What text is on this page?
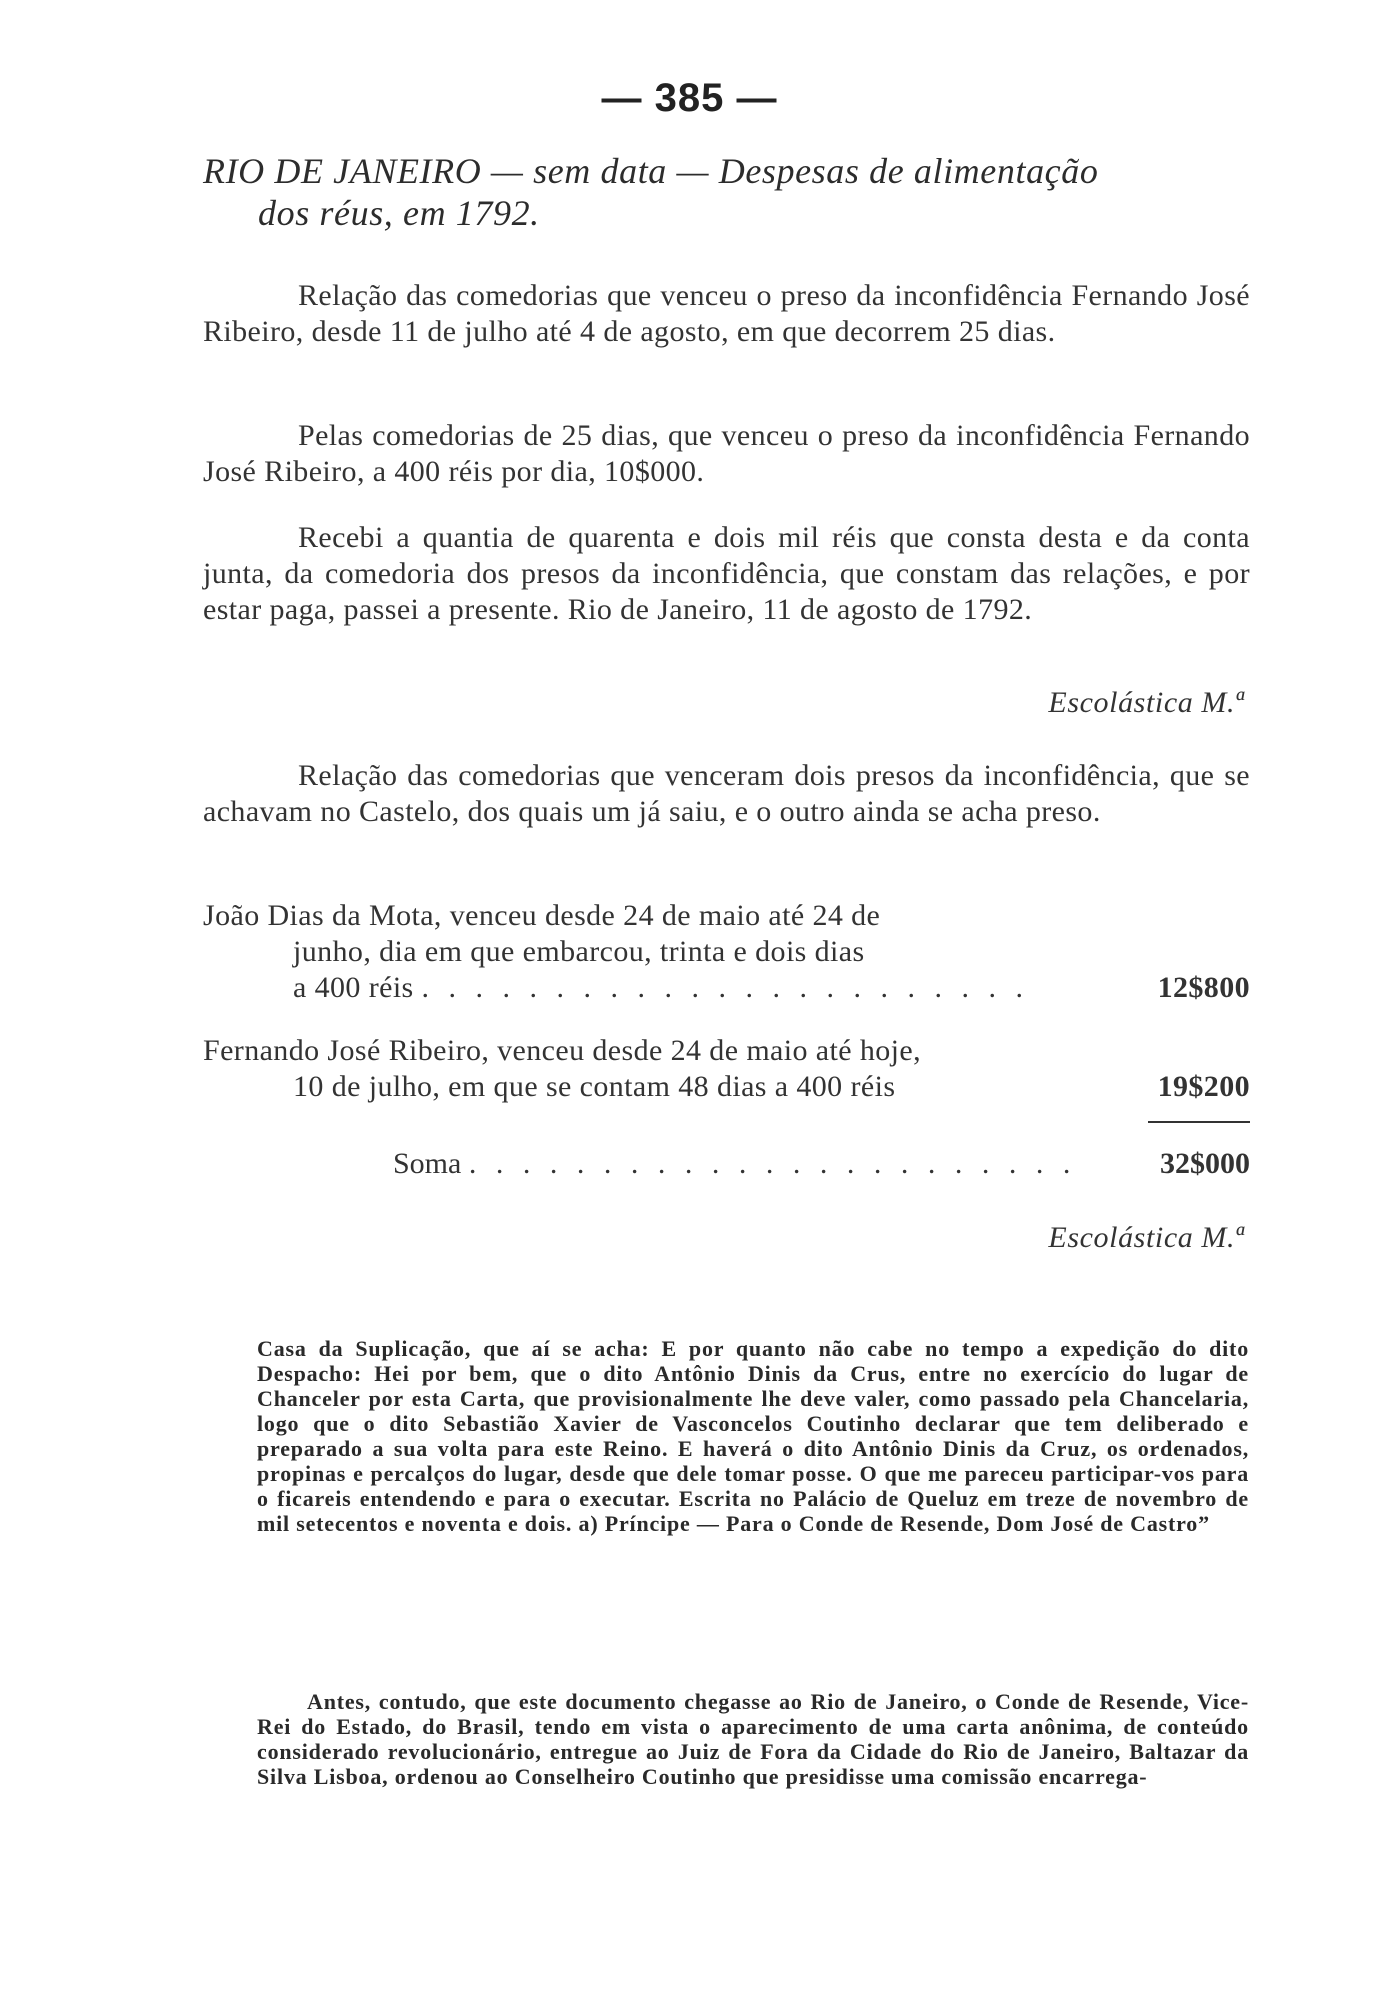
— 385 —
RIO DE JANEIRO — sem data — Despesas de alimentação
dos réus, em 1792.

Relação das comedorias que venceu o preso da inconfidência Fernando José Ribeiro, desde 11 de julho até 4 de agosto, em que decorrem 25 dias.

Pelas comedorias de 25 dias, que venceu o preso da inconfidência Fernando José Ribeiro, a 400 réis por dia, 10$000.

Recebi a quantia de quarenta e dois mil réis que consta desta e da conta junta, da comedoria dos presos da inconfidência, que constam das relações, e por estar paga, passei a presente. Rio de Janeiro, 11 de agosto de 1792.

Escolástica M.ª

Relação das comedorias que venceram dois presos da inconfidência, que se achavam no Castelo, dos quais um já saiu, e o outro ainda se acha preso.

João Dias da Mota, venceu desde 24 de maio até 24 de
junho, dia em que embarcou, trinta e dois dias
a 400 réis . . . . . . . . . . . . . . . . . . . . . . .	12$800
Fernando José Ribeiro, venceu desde 24 de maio até hoje,
10 de julho, em que se contam 48 dias a 400 réis	19$200
Soma . . . . . . . . . . . . . . . . . . . . . . .	32$000
Escolástica M.ª

Casa da Suplicação, que aí se acha: E por quanto não cabe no tempo a expedição do dito Despacho: Hei por bem, que o dito Antônio Dinis da Crus, entre no exercício do lugar de Chanceler por esta Carta, que provisionalmente lhe deve valer, como passado pela Chancelaria, logo que o dito Sebastião Xavier de Vasconcelos Coutinho declarar que tem deliberado e preparado a sua volta para este Reino. E haverá o dito Antônio Dinis da Cruz, os ordenados, propinas e percalços do lugar, desde que dele tomar posse. O que me pareceu participar-vos para o ficareis entendendo e para o executar. Escrita no Palácio de Queluz em treze de novembro de mil setecentos e noventa e dois. a) Príncipe — Para o Conde de Resende, Dom José de Castro”

Antes, contudo, que este documento chegasse ao Rio de Janeiro, o Conde de Resende, Vice-Rei do Estado, do Brasil, tendo em vista o aparecimento de uma carta anônima, de conteúdo considerado revolucionário, entregue ao Juiz de Fora da Cidade do Rio de Janeiro, Baltazar da Silva Lisboa, ordenou ao Conselheiro Coutinho que presidisse uma comissão encarrega-
